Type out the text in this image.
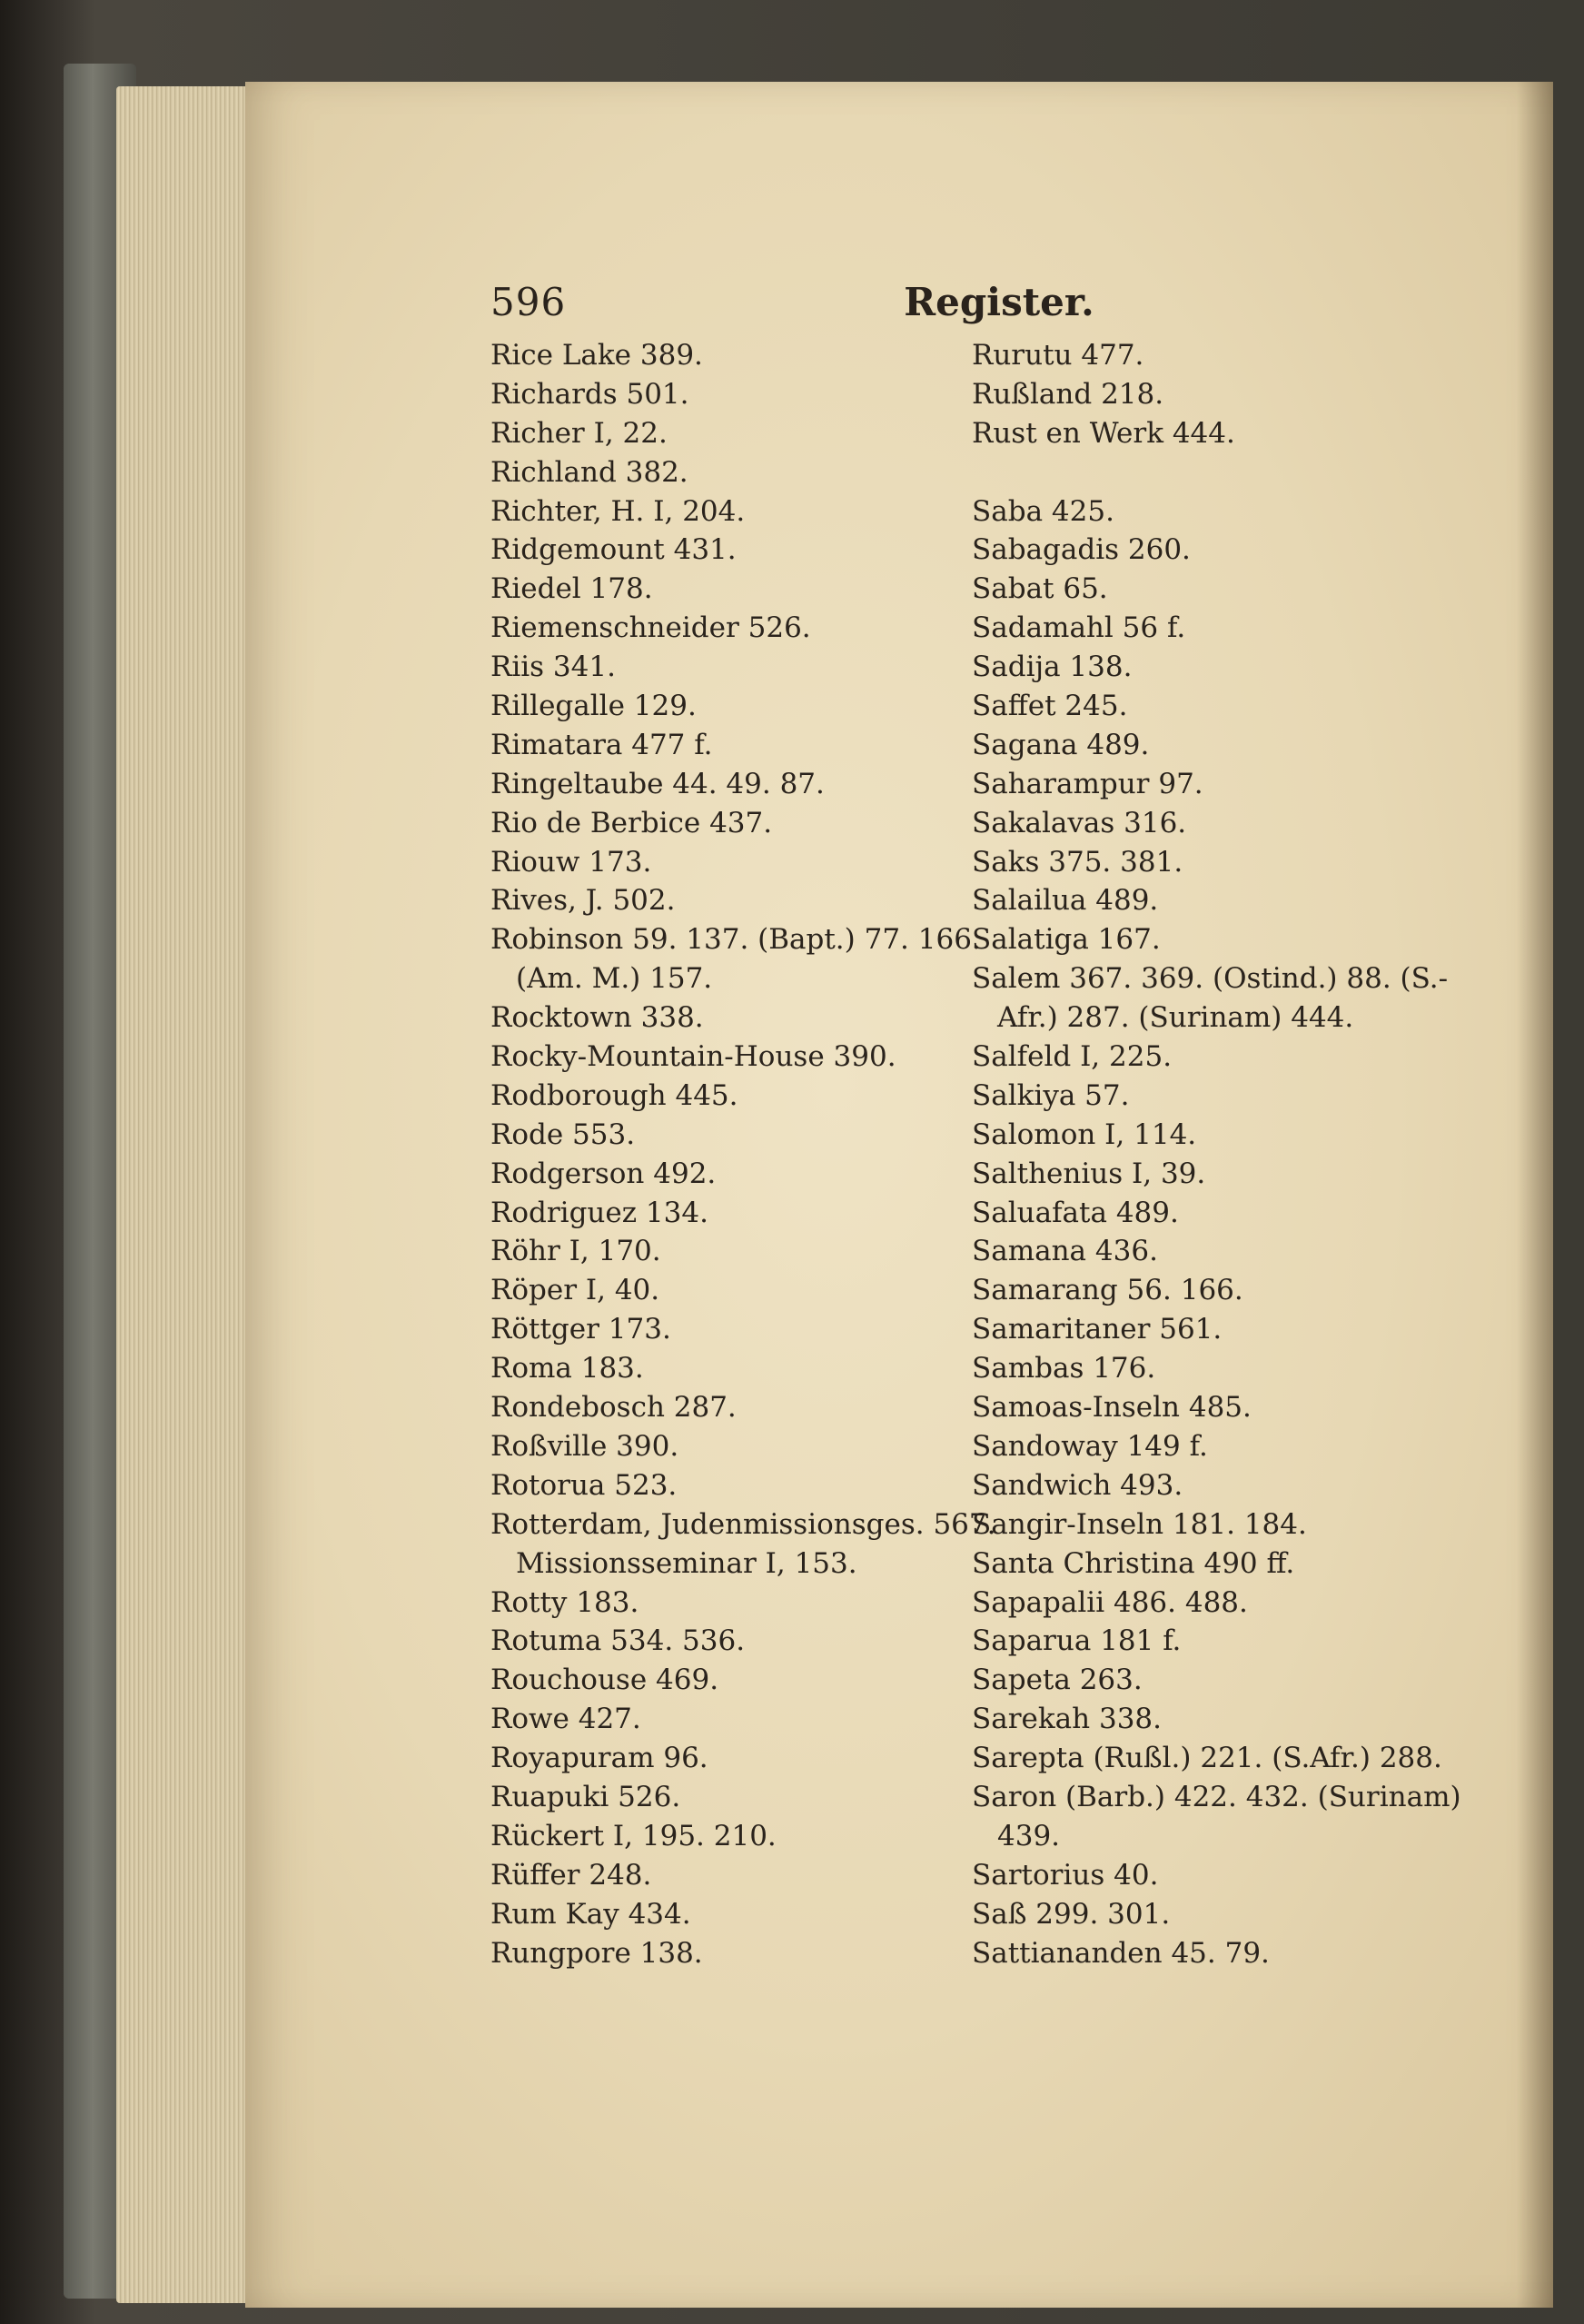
596	Register.
Rice Lake 389.
Richards 501.
Richer I, 22.
Richland 382.
Richter, H. I, 204.
Ridgemount 431.
Riedel 178.
Riemenschneider 526.
Riis 341.
Rillegalle 129.
Rimatara 477 f.
Ringeltaube 44. 49. 87.
Rio de Berbice 437.
Riouw 173.
Rives, J. 502.
Robinson 59. 137. (Bapt.) 77. 166.
(Am. M.) 157.
Rocktown 338.
Rocky-Mountain-House 390.
Rodborough 445.
Rode 553.
Rodgerson 492.
Rodriguez 134.
Röhr I, 170.
Röper I, 40.
Röttger 173.
Roma 183.
Rondebosch 287.
Roßville 390.
Rotorua 523.
Rotterdam, Judenmissionsges. 567.
Missionsseminar I, 153.
Rotty 183.
Rotuma 534. 536.
Rouchouse 469.
Rowe 427.
Royapuram 96.
Ruapuki 526.
Rückert I, 195. 210.
Rüffer 248.
Rum Kay 434.
Rungpore 138.
Rurutu 477.
Rußland 218.
Rust en Werk 444.
Saba 425.
Sabagadis 260.
Sabat 65.
Sadamahl 56 f.
Sadija 138.
Saffet 245.
Sagana 489.
Saharampur 97.
Sakalavas 316.
Saks 375. 381.
Salailua 489.
Salatiga 167.
Salem 367. 369. (Ostind.) 88. (S.-
Afr.) 287. (Surinam) 444.
Salfeld I, 225.
Salkiya 57.
Salomon I, 114.
Salthenius I, 39.
Saluafata 489.
Samana 436.
Samarang 56. 166.
Samaritaner 561.
Sambas 176.
Samoas-Inseln 485.
Sandoway 149 f.
Sandwich 493.
Sangir-Inseln 181. 184.
Santa Christina 490 ff.
Sapapalii 486. 488.
Saparua 181 f.
Sapeta 263.
Sarekah 338.
Sarepta (Rußl.) 221. (S.Afr.) 288.
Saron (Barb.) 422. 432. (Surinam)
439.
Sartorius 40.
Saß 299. 301.
Sattiananden 45. 79.
